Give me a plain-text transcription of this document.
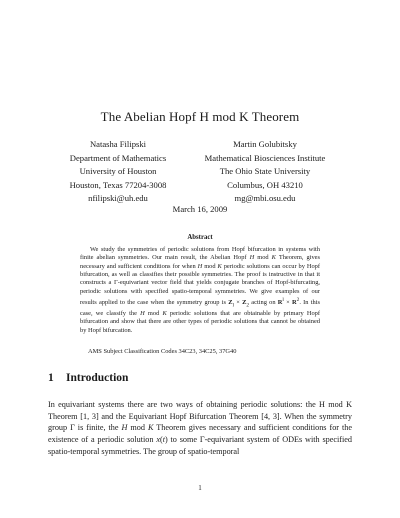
The Abelian Hopf H mod K Theorem
Natasha Filipski
Department of Mathematics
University of Houston
Houston, Texas 77204-3008
nfilipski@uh.edu
Martin Golubitsky
Mathematical Biosciences Institute
The Ohio State University
Columbus, OH 43210
mg@mbi.osu.edu
March 16, 2009
Abstract

We study the symmetries of periodic solutions from Hopf bifurcation in systems with finite abelian symmetries. Our main result, the Abelian Hopf H mod K Theorem, gives necessary and sufficient conditions for when H mod K periodic solutions can occur by Hopf bifurcation, as well as classifies their possible symmetries. The proof is instructive in that it constructs a Γ-equivariant vector field that yields conjugate branches of Hopf-bifurcating, periodic solutions with specified spatio-temporal symmetries. We give examples of our results applied to the case when the symmetry group is $Z_l \times Z_2$ acting on $R^l \times R^2$. In this case, we classify the H mod K periodic solutions that are obtainable by primary Hopf bifurcation and show that there are other types of periodic solutions that cannot be obtained by Hopf bifurcation.

AMS Subject Classification Codes 34C23, 34C25, 37G40
1 Introduction

In equivariant systems there are two ways of obtaining periodic solutions: the H mod K Theorem [1, 3] and the Equivariant Hopf Bifurcation Theorem [4, 3]. When the symmetry group Γ is finite, the H mod K Theorem gives necessary and sufficient conditions for the existence of a periodic solution x(t) to some Γ-equivariant system of ODEs with specified spatio-temporal symmetries. The group of spatio-temporal

1
